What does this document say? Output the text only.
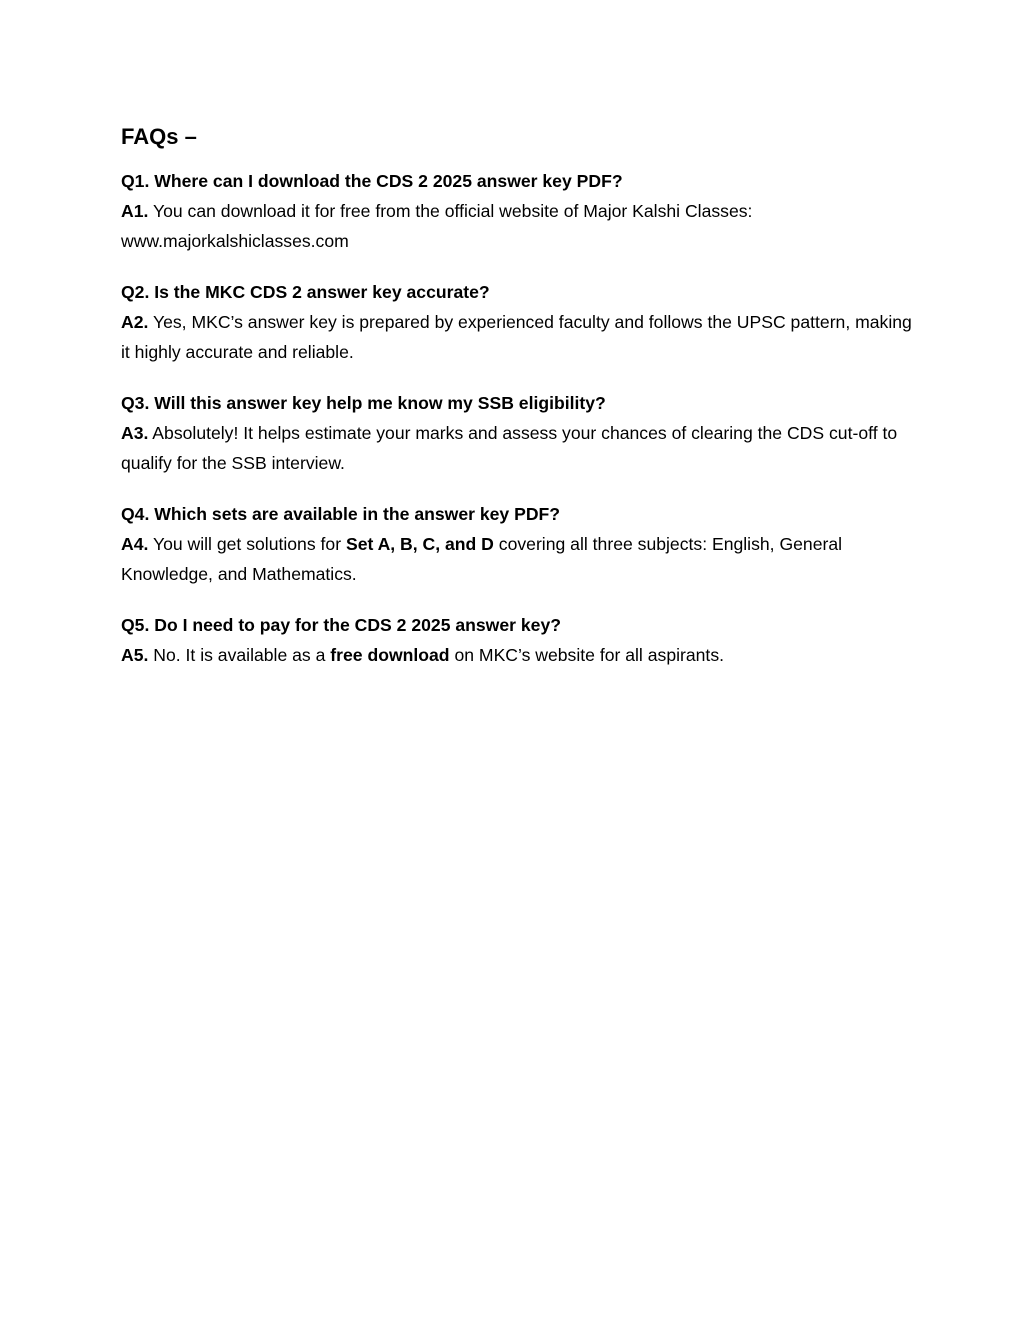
FAQs –

Q1. Where can I download the CDS 2 2025 answer key PDF?

A1. You can download it for free from the official website of Major Kalshi Classes: www.majorkalshiclasses.com

Q2. Is the MKC CDS 2 answer key accurate?

A2. Yes, MKC’s answer key is prepared by experienced faculty and follows the UPSC pattern, making it highly accurate and reliable.

Q3. Will this answer key help me know my SSB eligibility?

A3. Absolutely! It helps estimate your marks and assess your chances of clearing the CDS cut-off to qualify for the SSB interview.

Q4. Which sets are available in the answer key PDF?

A4. You will get solutions for Set A, B, C, and D covering all three subjects: English, General Knowledge, and Mathematics.

Q5. Do I need to pay for the CDS 2 2025 answer key?

A5. No. It is available as a free download on MKC’s website for all aspirants.
